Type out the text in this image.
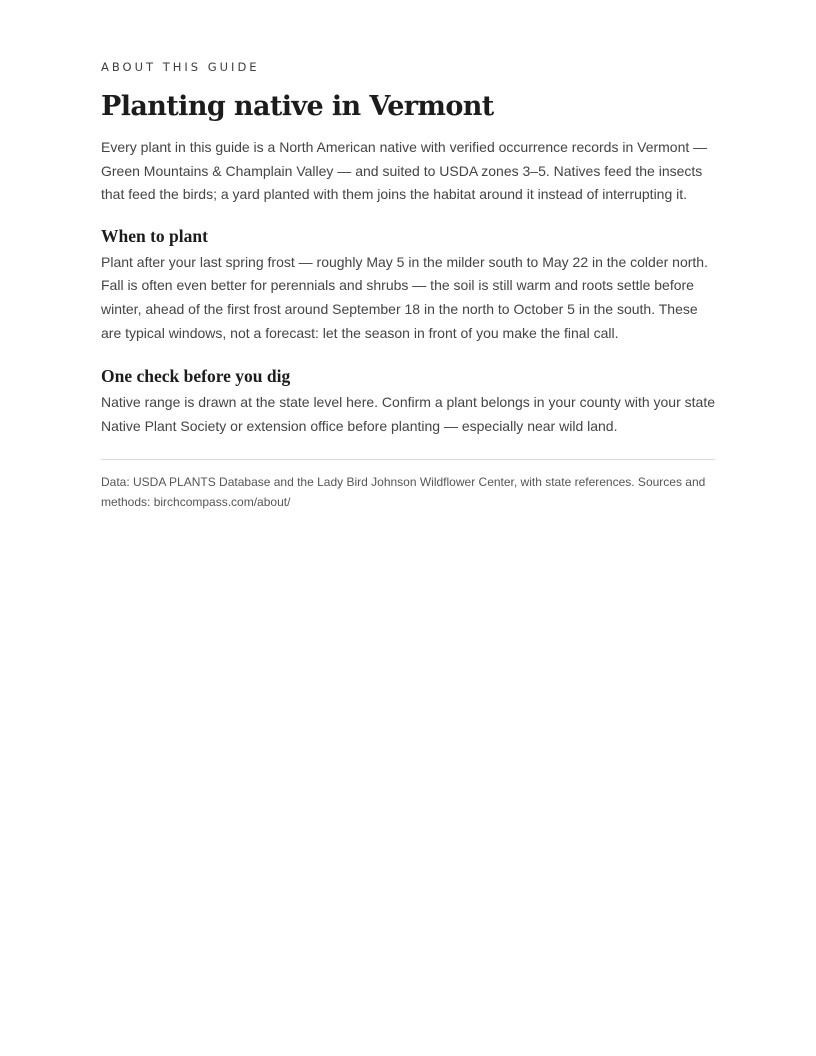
ABOUT THIS GUIDE

Planting native in Vermont

Every plant in this guide is a North American native with verified occurrence records in Vermont — Green Mountains & Champlain Valley — and suited to USDA zones 3–5. Natives feed the insects that feed the birds; a yard planted with them joins the habitat around it instead of interrupting it.

When to plant

Plant after your last spring frost — roughly May 5 in the milder south to May 22 in the colder north. Fall is often even better for perennials and shrubs — the soil is still warm and roots settle before winter, ahead of the first frost around September 18 in the north to October 5 in the south. These are typical windows, not a forecast: let the season in front of you make the final call.

One check before you dig

Native range is drawn at the state level here. Confirm a plant belongs in your county with your state Native Plant Society or extension office before planting — especially near wild land.

Data: USDA PLANTS Database and the Lady Bird Johnson Wildflower Center, with state references. Sources and methods: birchcompass.com/about/
